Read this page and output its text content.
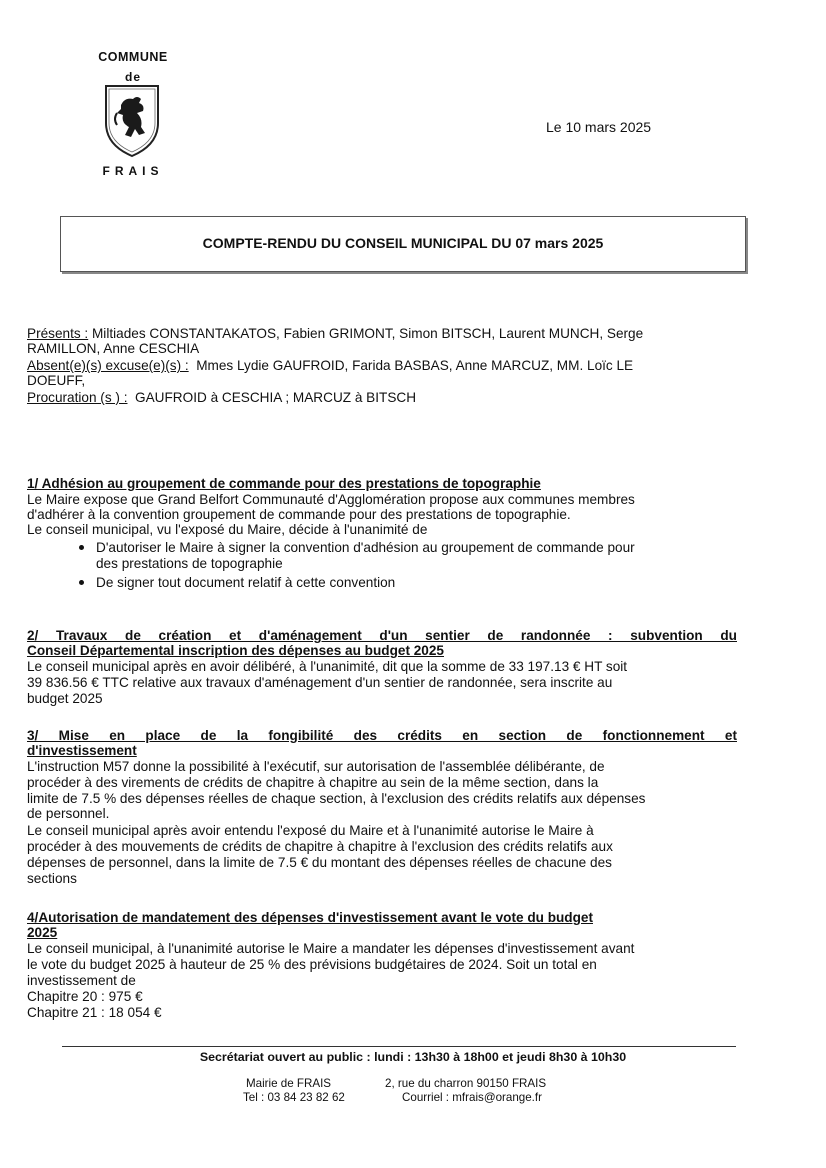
COMMUNE
de
FRAIS
Le 10 mars 2025
COMPTE-RENDU DU CONSEIL MUNICIPAL DU 07 mars 2025
Présents : Miltiades CONSTANTAKATOS, Fabien GRIMONT, Simon BITSCH, Laurent MUNCH, Serge
RAMILLON, Anne CESCHIA
Absent(e)(s) excuse(e)(s) : Mmes Lydie GAUFROID, Farida BASBAS, Anne MARCUZ, MM. Loïc LE
DOEUFF,
Procuration (s ) : GAUFROID à CESCHIA ; MARCUZ à BITSCH
1/ Adhésion au groupement de commande pour des prestations de topographie
Le Maire expose que Grand Belfort Communauté d'Agglomération propose aux communes membres
d'adhérer à la convention groupement de commande pour des prestations de topographie.
Le conseil municipal, vu l'exposé du Maire, décide à l'unanimité de
D'autoriser le Maire à signer la convention d'adhésion au groupement de commande pour
des prestations de topographie
De signer tout document relatif à cette convention
2/ Travaux de création et d'aménagement d'un sentier de randonnée : subvention du
Conseil Départemental inscription des dépenses au budget 2025
Le conseil municipal après en avoir délibéré, à l'unanimité, dit que la somme de 33 197.13 € HT soit
39 836.56 € TTC relative aux travaux d'aménagement d'un sentier de randonnée, sera inscrite au
budget 2025
3/ Mise en place de la fongibilité des crédits en section de fonctionnement et
d'investissement
L'instruction M57 donne la possibilité à l'exécutif, sur autorisation de l'assemblée délibérante, de
procéder à des virements de crédits de chapitre à chapitre au sein de la même section, dans la
limite de 7.5 % des dépenses réelles de chaque section, à l'exclusion des crédits relatifs aux dépenses
de personnel.
Le conseil municipal après avoir entendu l'exposé du Maire et à l'unanimité autorise le Maire à
procéder à des mouvements de crédits de chapitre à chapitre à l'exclusion des crédits relatifs aux
dépenses de personnel, dans la limite de 7.5 € du montant des dépenses réelles de chacune des
sections
4/Autorisation de mandatement des dépenses d'investissement avant le vote du budget
2025
Le conseil municipal, à l'unanimité autorise le Maire a mandater les dépenses d'investissement avant
le vote du budget 2025 à hauteur de 25 % des prévisions budgétaires de 2024. Soit un total en
investissement de
Chapitre 20 : 975 €
Chapitre 21 : 18 054 €
Secrétariat ouvert au public : lundi : 13h30 à 18h00 et jeudi 8h30 à 10h30
Mairie de FRAIS
Tel : 03 84 23 82 62
2, rue du charron 90150 FRAIS
Courriel : mfrais@orange.fr
